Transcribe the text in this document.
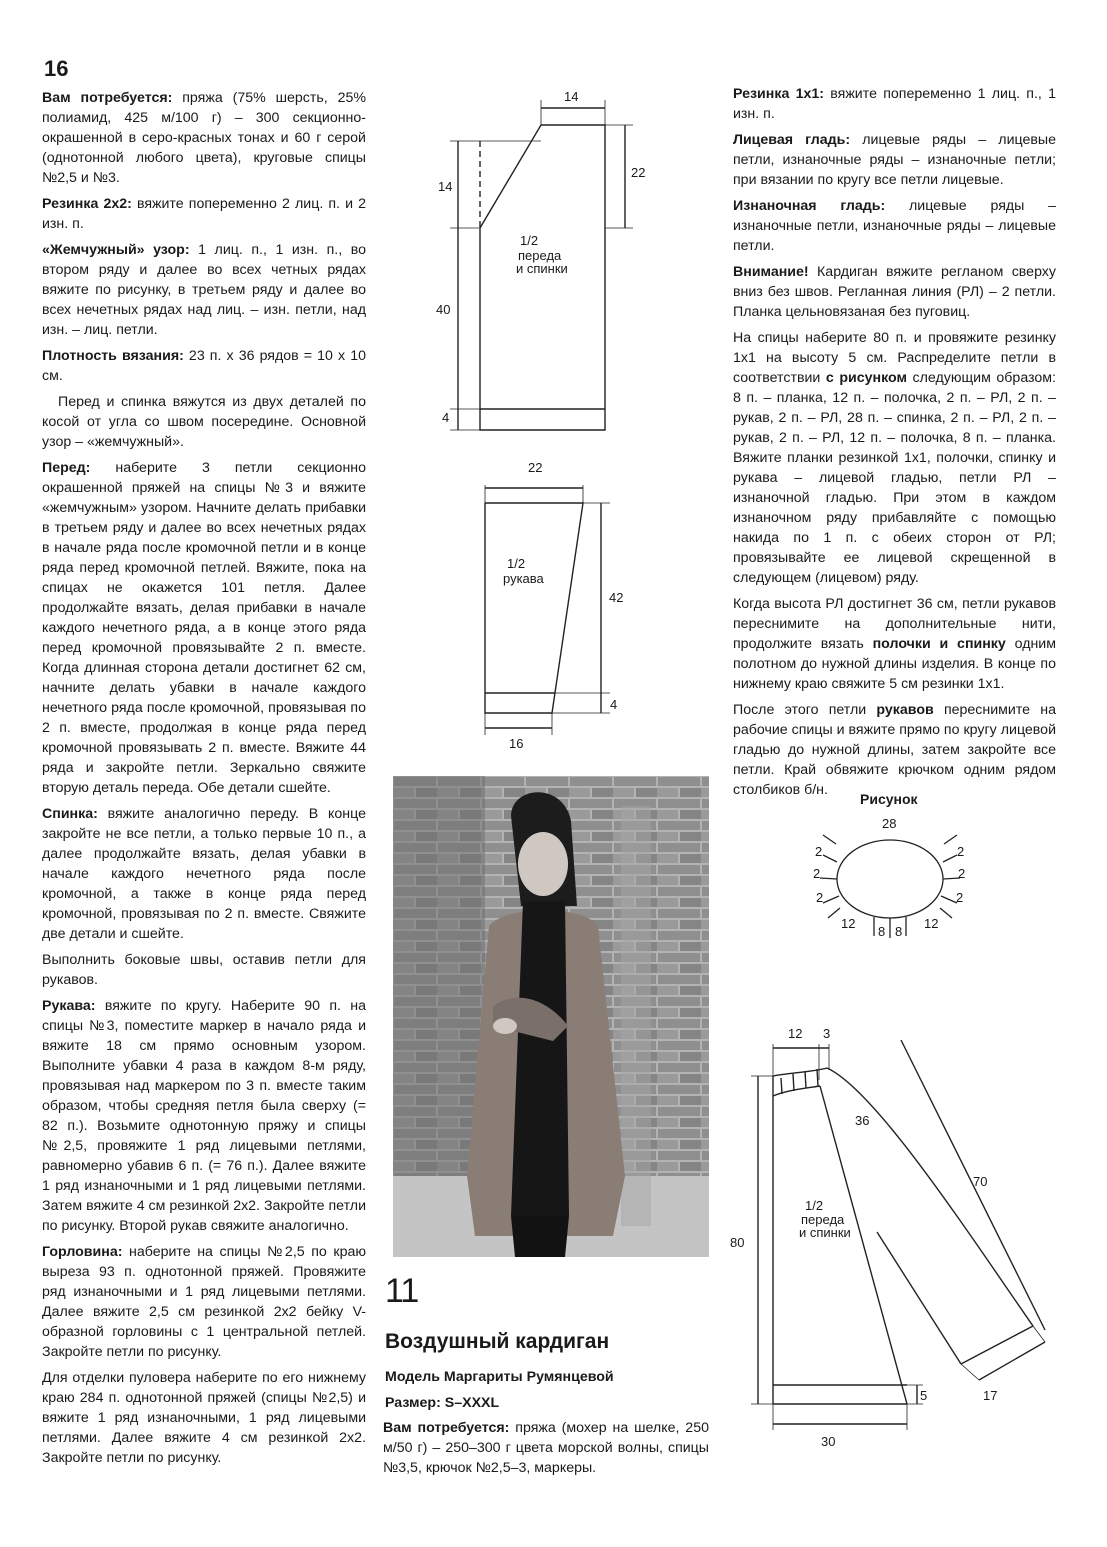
16

Вам потребуется: пряжа (75% шерсть, 25% полиамид, 425 м/100 г) – 300 секционно-окрашенной в серо-красных тонах и 60 г серой (однотонной любого цвета), круговые спицы №2,5 и №3.

Резинка 2х2: вяжите попеременно 2 лиц. п. и 2 изн. п.

«Жемчужный» узор: 1 лиц. п., 1 изн. п., во втором ряду и далее во всех четных рядах вяжите по рисунку, в третьем ряду и далее во всех нечетных рядах над лиц. – изн. петли, над изн. – лиц. петли.

Плотность вязания: 23 п. х 36 рядов = 10 х 10 см.

Перед и спинка вяжутся из двух деталей по косой от угла со швом посередине. Основной узор – «жемчужный».

Перед: наберите 3 петли секционно окрашенной пряжей на спицы №3 и вяжите «жемчужным» узором. Начните делать прибавки в третьем ряду и далее во всех нечетных рядах в начале ряда после кромочной петли и в конце ряда перед кромочной петлей. Вяжите, пока на спицах не окажется 101 петля. Далее продолжайте вязать, делая прибавки в начале каждого нечетного ряда, а в конце этого ряда перед кромочной провязывайте 2 п. вместе. Когда длинная сторона детали достигнет 62 см, начните делать убавки в начале каждого нечетного ряда после кромочной, провязывая по 2 п. вместе, продолжая в конце ряда перед кромочной провязывать 2 п. вместе. Вяжите 44 ряда и закройте петли. Зеркально свяжите вторую деталь переда. Обе детали сшейте.

Спинка: вяжите аналогично переду. В конце закройте не все петли, а только первые 10 п., а далее продолжайте вязать, делая убавки в начале каждого нечетного ряда после кромочной, а также в конце ряда перед кромочной, провязывая по 2 п. вместе. Свяжите две детали и сшейте.

Выполнить боковые швы, оставив петли для рукавов.

Рукава: вяжите по кругу. Наберите 90 п. на спицы №3, поместите маркер в начало ряда и вяжите 18 см прямо основным узором. Выполните убавки 4 раза в каждом 8-м ряду, провязывая над маркером по 3 п. вместе таким образом, чтобы средняя петля была сверху (= 82 п.). Возьмите однотонную пряжу и спицы №2,5, провяжите 1 ряд лицевыми петлями, равномерно убавив 6 п. (= 76 п.). Далее вяжите 1 ряд изнаночными и 1 ряд лицевыми петлями. Затем вяжите 4 см резинкой 2х2. Закройте петли по рисунку. Второй рукав свяжите аналогично.

Горловина: наберите на спицы №2,5 по краю выреза 93 п. однотонной пряжей. Провяжите ряд изнаночными и 1 ряд лицевыми петлями. Далее вяжите 2,5 см резинкой 2х2 бейку V-образной горловины с 1 центральной петлей. Закройте петли по рисунку.

Для отделки пуловера наберите по его нижнему краю 284 п. однотонной пряжей (спицы №2,5) и вяжите 1 ряд изнаночными, 1 ряд лицевыми петлями. Далее вяжите 4 см резинкой 2х2. Закройте петли по рисунку.

14
22
14
40
4
1/2
переда
и спинки
22
42
4
16
1/2
рукава
11
Воздушный кардиган
Модель Маргариты Румянцевой
Размер: S–XXXL
Вам потребуется: пряжа (мохер на шелке, 250 м/50 г) – 250–300 г цвета морской волны, спицы №3,5, крючок №2,5–3, маркеры.

Резинка 1х1: вяжите попеременно 1 лиц. п., 1 изн. п.

Лицевая гладь: лицевые ряды – лицевые петли, изнаночные ряды – изнаночные петли; при вязании по кругу все петли лицевые.

Изнаночная гладь: лицевые ряды – изнаночные петли, изнаночные ряды – лицевые петли.

Внимание! Кардиган вяжите регланом сверху вниз без швов. Регланная линия (РЛ) – 2 петли. Планка цельновязаная без пуговиц.

На спицы наберите 80 п. и провяжите резинку 1х1 на высоту 5 см. Распределите петли в соответствии с рисунком следующим образом: 8 п. – планка, 12 п. – полочка, 2 п. – РЛ, 2 п. – рукав, 2 п. – РЛ, 28 п. – спинка, 2 п. – РЛ, 2 п. – рукав, 2 п. – РЛ, 12 п. – полочка, 8 п. – планка. Вяжите планки резинкой 1х1, полочки, спинку и рукава – лицевой гладью, петли РЛ – изнаночной гладью. При этом в каждом изнаночном ряду прибавляйте с помощью накида по 1 п. с обеих сторон от РЛ; провязывайте ее лицевой скрещенной в следующем (лицевом) ряду.

Когда высота РЛ достигнет 36 см, петли рукавов переснимите на дополнительные нити, продолжите вязать полочки и спинку одним полотном до нужной длины изделия. В конце по нижнему краю свяжите 5 см резинки 1х1.

После этого петли рукавов переснимите на рабочие спицы и вяжите прямо по кругу лицевой гладью до нужной длины, затем закройте все петли. Край обвяжите крючком одним рядом столбиков б/н.

Рисунок
28
2
2
2
2
2
2
12	12
8 8
12 3
36
70
80
5	17
30
1/2
переда
и спинки
